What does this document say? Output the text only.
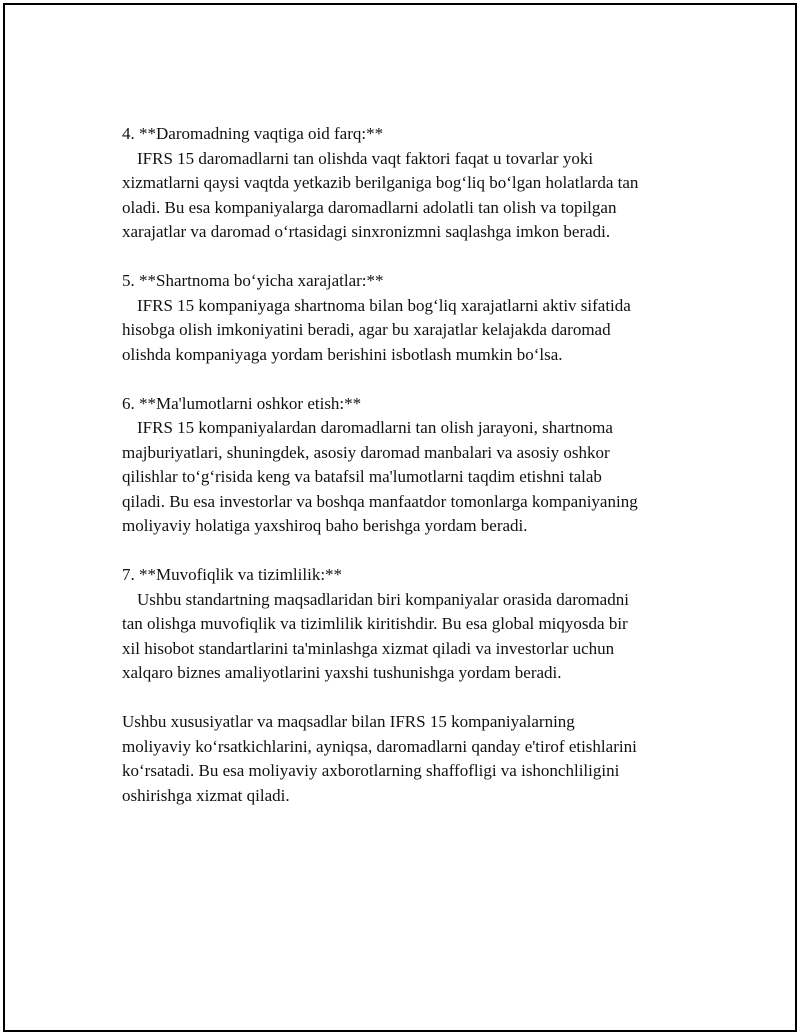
4. **Daromadning vaqtiga oid farq:**
IFRS 15 daromadlarni tan olishda vaqt faktori faqat u tovarlar yoki
xizmatlarni qaysi vaqtda yetkazib berilganiga bog‘liq bo‘lgan holatlarda tan
oladi. Bu esa kompaniyalarga daromadlarni adolatli tan olish va topilgan
xarajatlar va daromad o‘rtasidagi sinxronizmni saqlashga imkon beradi.
5. **Shartnoma bo‘yicha xarajatlar:**
IFRS 15 kompaniyaga shartnoma bilan bog‘liq xarajatlarni aktiv sifatida
hisobga olish imkoniyatini beradi, agar bu xarajatlar kelajakda daromad
olishda kompaniyaga yordam berishini isbotlash mumkin bo‘lsa.
6. **Ma'lumotlarni oshkor etish:**
IFRS 15 kompaniyalardan daromadlarni tan olish jarayoni, shartnoma
majburiyatlari, shuningdek, asosiy daromad manbalari va asosiy oshkor
qilishlar to‘g‘risida keng va batafsil ma'lumotlarni taqdim etishni talab
qiladi. Bu esa investorlar va boshqa manfaatdor tomonlarga kompaniyaning
moliyaviy holatiga yaxshiroq baho berishga yordam beradi.
7. **Muvofiqlik va tizimlilik:**
Ushbu standartning maqsadlaridan biri kompaniyalar orasida daromadni
tan olishga muvofiqlik va tizimlilik kiritishdir. Bu esa global miqyosda bir
xil hisobot standartlarini ta'minlashga xizmat qiladi va investorlar uchun
xalqaro biznes amaliyotlarini yaxshi tushunishga yordam beradi.
Ushbu xususiyatlar va maqsadlar bilan IFRS 15 kompaniyalarning
moliyaviy ko‘rsatkichlarini, ayniqsa, daromadlarni qanday e'tirof etishlarini
ko‘rsatadi. Bu esa moliyaviy axborotlarning shaffofligi va ishonchliligini
oshirishga xizmat qiladi.
